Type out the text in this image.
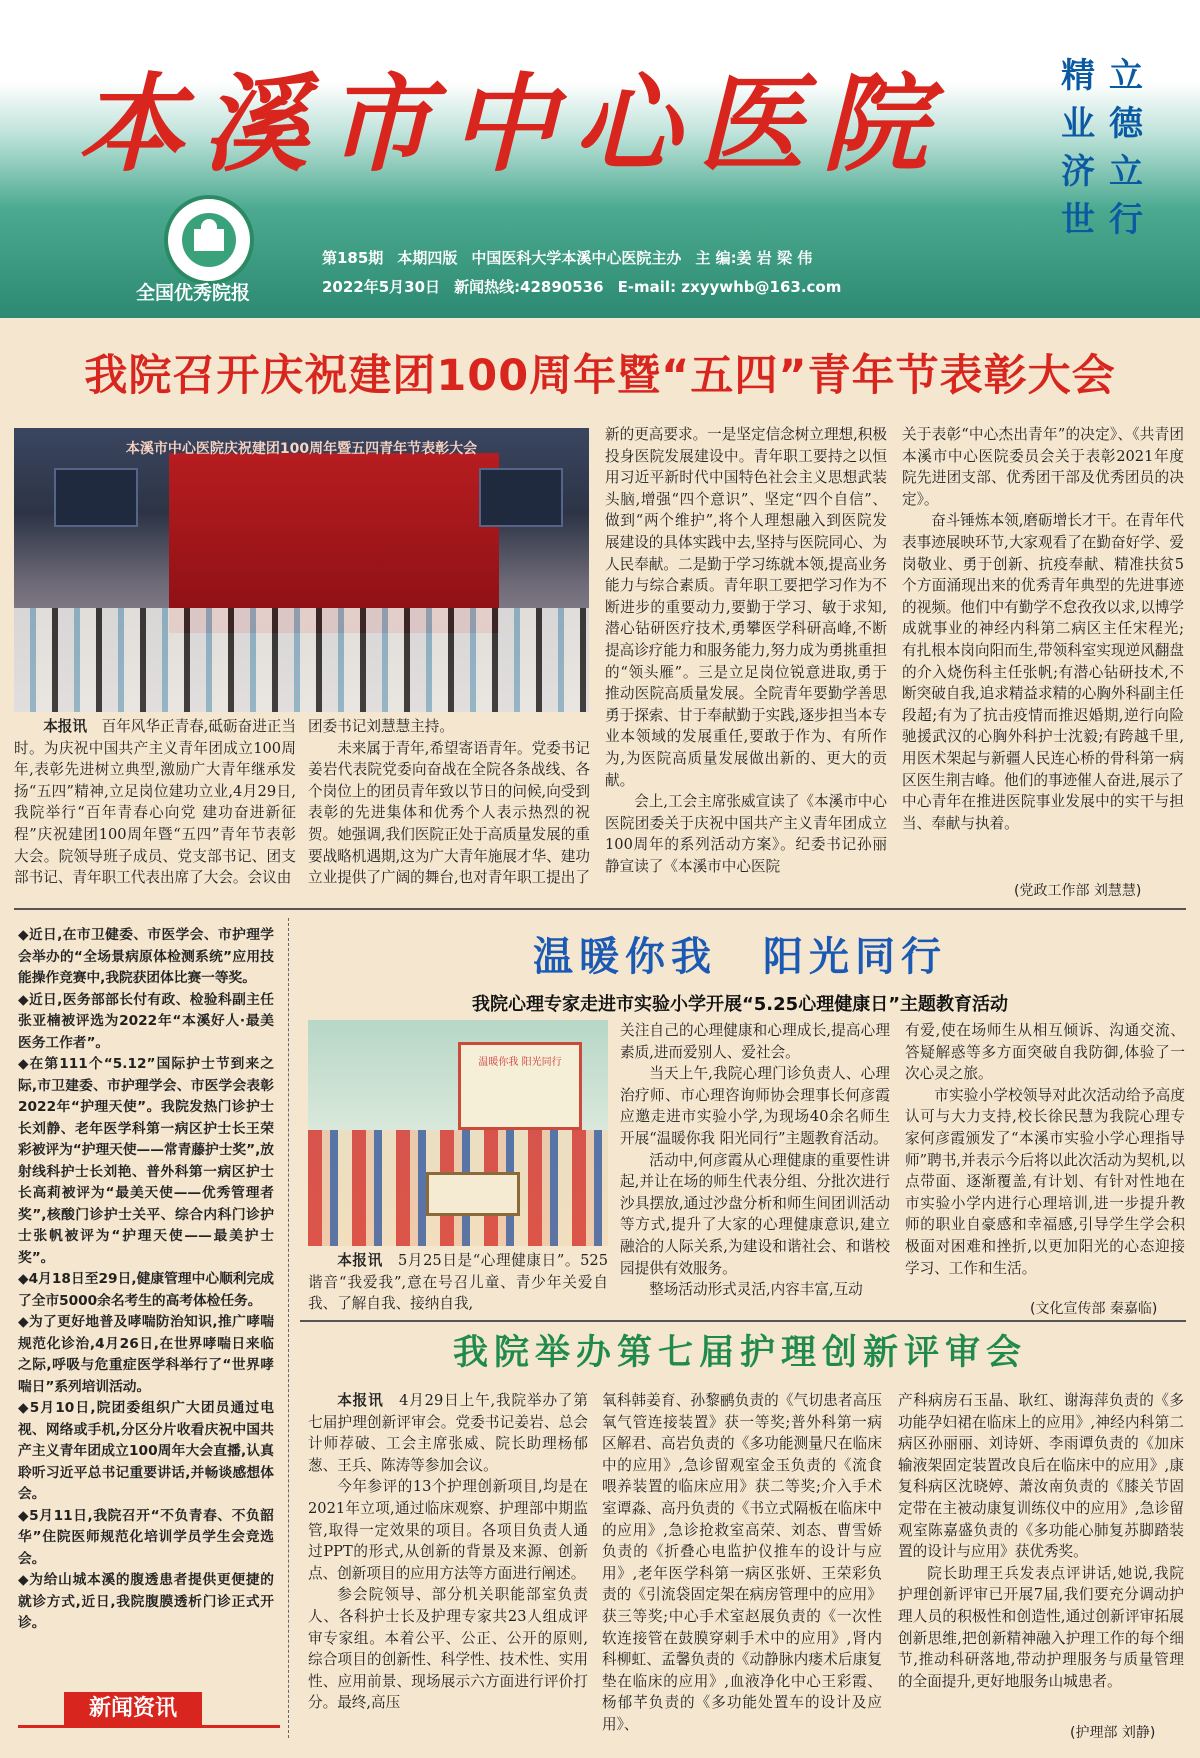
本溪市中心医院	立德立行
精业济世
全国优秀院报
第185期 本期四版 中国医科大学本溪中心医院主办 主 编:姜 岩 梁 伟
2022年5月30日 新闻热线:42890536 E-mail: zxyywhb@163.com
我院召开庆祝建团100周年暨“五四”青年节表彰大会
本溪市中心医院庆祝建团100周年暨五四青年节表彰大会

本报讯　 百年风华正青春,砥砺奋进正当时。为庆祝中国共产主义青年团成立100周年,表彰先进树立典型,激励广大青年继承发扬“五四”精神,立足岗位建功立业,4月29日,我院举行“百年青春心向党 建功奋进新征程”庆祝建团100周年暨“五四”青年节表彰大会。院领导班子成员、党支部书记、团支部书记、青年职工代表出席了大会。会议由

团委书记刘慧慧主持。

未来属于青年,希望寄语青年。党委书记姜岩代表院党委向奋战在全院各条战线、各个岗位上的团员青年致以节日的问候,向受到表彰的先进集体和优秀个人表示热烈的祝贺。她强调,我们医院正处于高质量发展的重要战略机遇期,这为广大青年施展才华、建功立业提供了广阔的舞台,也对青年职工提出了

新的更高要求。一是坚定信念树立理想,积极投身医院发展建设中。青年职工要持之以恒用习近平新时代中国特色社会主义思想武装头脑,增强“四个意识”、坚定“四个自信”、做到“两个维护”,将个人理想融入到医院发展建设的具体实践中去,坚持与医院同心、为人民奉献。二是勤于学习练就本领,提高业务能力与综合素质。青年职工要把学习作为不断进步的重要动力,要勤于学习、敏于求知,潜心钻研医疗技术,勇攀医学科研高峰,不断提高诊疗能力和服务能力,努力成为勇挑重担的“领头雁”。三是立足岗位锐意进取,勇于推动医院高质量发展。全院青年要勤学善思勇于探索、甘于奉献勤于实践,逐步担当本专业本领域的发展重任,要敢于作为、有所作为,为医院高质量发展做出新的、更大的贡献。

会上,工会主席张威宣读了《本溪市中心医院团委关于庆祝中国共产主义青年团成立100周年的系列活动方案》。纪委书记孙丽静宣读了《本溪市中心医院

关于表彰“中心杰出青年”的决定》、《共青团本溪市中心医院委员会关于表彰2021年度院先进团支部、优秀团干部及优秀团员的决定》。

奋斗锤炼本领,磨砺增长才干。在青年代表事迹展映环节,大家观看了在勤奋好学、爱岗敬业、勇于创新、抗疫奉献、精准扶贫5个方面涌现出来的优秀青年典型的先进事迹的视频。他们中有勤学不怠孜孜以求,以博学成就事业的神经内科第二病区主任宋程光;有扎根本岗向阳而生,带领科室实现逆风翻盘的介入烧伤科主任张帆;有潜心钻研技术,不断突破自我,追求精益求精的心胸外科副主任段超;有为了抗击疫情而推迟婚期,逆行向险驰援武汉的心胸外科护士沈毅;有跨越千里,用医术架起与新疆人民连心桥的骨科第一病区医生荆吉峰。他们的事迹催人奋进,展示了中心青年在推进医院事业发展中的实干与担当、奉献与执着。

(党政工作部 刘慧慧)

◆近日,在市卫健委、市医学会、市护理学会举办的“全场景病原体检测系统”应用技能操作竞赛中,我院获团体比赛一等奖。

◆近日,医务部部长付有政、检验科副主任张亚楠被评选为2022年“本溪好人·最美医务工作者”。

◆在第111个“5.12”国际护士节到来之际,市卫建委、市护理学会、市医学会表彰2022年“护理天使”。我院发热门诊护士长刘静、老年医学科第一病区护士长王荣彩被评为“护理天使——常青藤护士奖”,放射线科护士长刘艳、普外科第一病区护士长高莉被评为“最美天使——优秀管理者奖”,核酸门诊护士关平、综合内科门诊护士张帆被评为“护理天使——最美护士奖”。

◆4月18日至29日,健康管理中心顺利完成了全市5000余名考生的高考体检任务。

◆为了更好地普及哮喘防治知识,推广哮喘规范化诊治,4月26日,在世界哮喘日来临之际,呼吸与危重症医学科举行了“世界哮喘日”系列培训活动。

◆5月10日,院团委组织广大团员通过电视、网络或手机,分区分片收看庆祝中国共产主义青年团成立100周年大会直播,认真聆听习近平总书记重要讲话,并畅谈感想体会。

◆5月11日,我院召开“不负青春、不负韶华”住院医师规范化培训学员学生会竞选会。

◆为给山城本溪的腹透患者提供更便捷的就诊方式,近日,我院腹膜透析门诊正式开诊。

新闻资讯
温暖你我　阳光同行
我院心理专家走进市实验小学开展“5.25心理健康日”主题教育活动
温暖你我 阳光同行

本报讯　 5月25日是“心理健康日”。525谐音“我爱我”,意在号召儿童、青少年关爱自我、了解自我、接纳自我,

关注自己的心理健康和心理成长,提高心理素质,进而爱别人、爱社会。

当天上午,我院心理门诊负责人、心理治疗师、市心理咨询师协会理事长何彦霞应邀走进市实验小学,为现场40余名师生开展“温暖你我 阳光同行”主题教育活动。

活动中,何彦霞从心理健康的重要性讲起,并让在场的师生代表分组、分批次进行沙具摆放,通过沙盘分析和师生间团训活动等方式,提升了大家的心理健康意识,建立融洽的人际关系,为建设和谐社会、和谐校园提供有效服务。

整场活动形式灵活,内容丰富,互动

有爱,使在场师生从相互倾诉、沟通交流、答疑解惑等多方面突破自我防御,体验了一次心灵之旅。

市实验小学校领导对此次活动给予高度认可与大力支持,校长徐民慧为我院心理专家何彦霞颁发了“本溪市实验小学心理指导师”聘书,并表示今后将以此次活动为契机,以点带面、逐渐覆盖,有计划、有针对性地在市实验小学内进行心理培训,进一步提升教师的职业自豪感和幸福感,引导学生学会积极面对困难和挫折,以更加阳光的心态迎接学习、工作和生活。

(文化宣传部 秦嘉临)
我院举办第七届护理创新评审会

本报讯　 4月29日上午,我院举办了第七届护理创新评审会。党委书记姜岩、总会计师荐破、工会主席张威、院长助理杨郁葱、王兵、陈涛等参加会议。

今年参评的13个护理创新项目,均是在2021年立项,通过临床观察、护理部中期监管,取得一定效果的项目。各项目负责人通过PPT的形式,从创新的背景及来源、创新点、创新项目的应用方法等方面进行阐述。

参会院领导、部分机关职能部室负责人、各科护士长及护理专家共23人组成评审专家组。本着公平、公正、公开的原则,综合项目的创新性、科学性、技术性、实用性、应用前景、现场展示六方面进行评价打分。最终,高压

氧科韩姜育、孙黎鹂负责的《气切患者高压氧气管连接装置》获一等奖;普外科第一病区解君、高岩负责的《多功能测量尺在临床中的应用》,急诊留观室金玉负责的《流食喂养装置的临床应用》获二等奖;介入手术室谭淼、高丹负责的《书立式隔板在临床中的应用》,急诊抢救室高荣、刘态、曹雪娇负责的《折叠心电监护仪推车的设计与应用》,老年医学科第一病区张妍、王荣彩负责的《引流袋固定架在病房管理中的应用》获三等奖;中心手术室赵展负责的《一次性软连接管在鼓膜穿刺手术中的应用》,肾内科柳虹、孟馨负责的《动静脉内瘘术后康复垫在临床的应用》,血液净化中心王彩霞、杨郁芊负责的《多功能处置车的设计及应用》、

产科病房石玉晶、耿红、谢海萍负责的《多功能孕妇裙在临床上的应用》,神经内科第二病区孙丽丽、刘诗妍、李雨谭负责的《加床输液架固定装置改良后在临床中的应用》,康复科病区沈晓婷、萧汝南负责的《膝关节固定带在主被动康复训练仪中的应用》,急诊留观室陈嘉盛负责的《多功能心肺复苏脚踏装置的设计与应用》获优秀奖。

院长助理王兵发表点评讲话,她说,我院护理创新评审已开展7届,我们要充分调动护理人员的积极性和创造性,通过创新评审拓展创新思维,把创新精神融入护理工作的每个细节,推动科研落地,带动护理服务与质量管理的全面提升,更好地服务山城患者。

(护理部 刘静)
